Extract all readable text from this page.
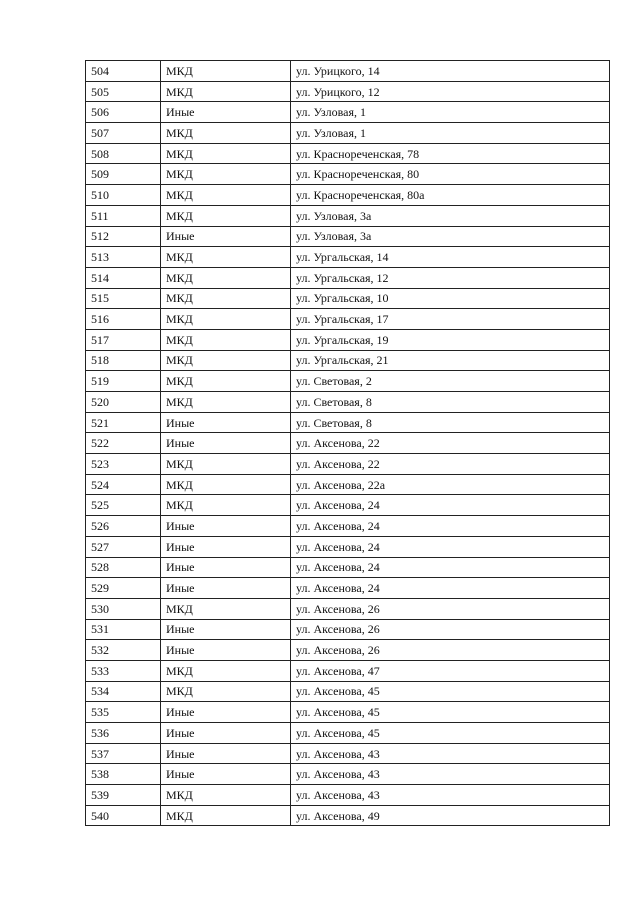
504	МКД	ул. Урицкого, 14
505	МКД	ул. Урицкого, 12
506	Иные	ул. Узловая, 1
507	МКД	ул. Узловая, 1
508	МКД	ул. Краснореченская, 78
509	МКД	ул. Краснореченская, 80
510	МКД	ул. Краснореченская, 80а
511	МКД	ул. Узловая, 3а
512	Иные	ул. Узловая, 3а
513	МКД	ул. Ургальская, 14
514	МКД	ул. Ургальская, 12
515	МКД	ул. Ургальская, 10
516	МКД	ул. Ургальская, 17
517	МКД	ул. Ургальская, 19
518	МКД	ул. Ургальская, 21
519	МКД	ул. Световая, 2
520	МКД	ул. Световая, 8
521	Иные	ул. Световая, 8
522	Иные	ул. Аксенова, 22
523	МКД	ул. Аксенова, 22
524	МКД	ул. Аксенова, 22а
525	МКД	ул. Аксенова, 24
526	Иные	ул. Аксенова, 24
527	Иные	ул. Аксенова, 24
528	Иные	ул. Аксенова, 24
529	Иные	ул. Аксенова, 24
530	МКД	ул. Аксенова, 26
531	Иные	ул. Аксенова, 26
532	Иные	ул. Аксенова, 26
533	МКД	ул. Аксенова, 47
534	МКД	ул. Аксенова, 45
535	Иные	ул. Аксенова, 45
536	Иные	ул. Аксенова, 45
537	Иные	ул. Аксенова, 43
538	Иные	ул. Аксенова, 43
539	МКД	ул. Аксенова, 43
540	МКД	ул. Аксенова, 49
